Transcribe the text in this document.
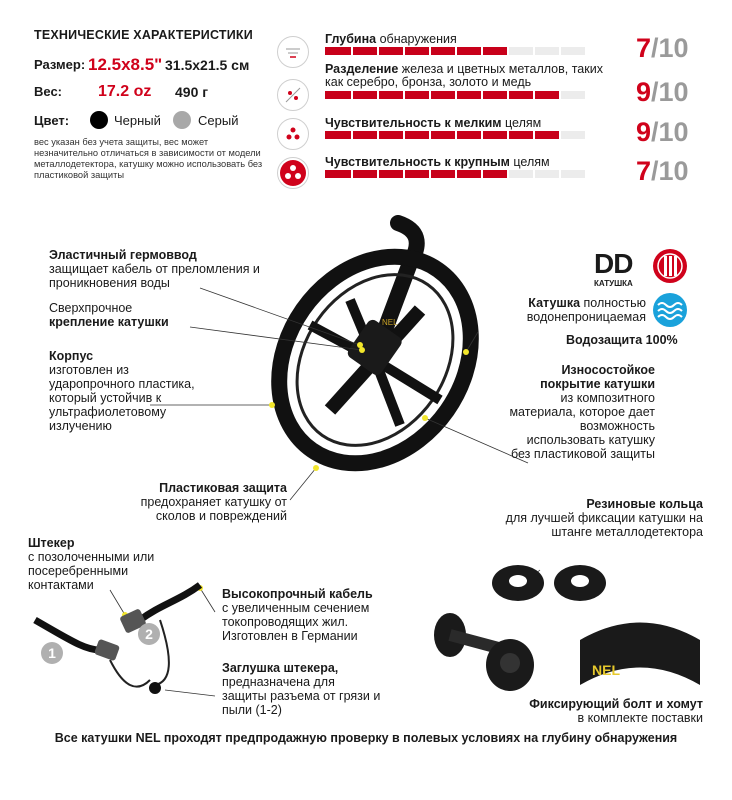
ТЕХНИЧЕСКИЕ ХАРАКТЕРИСТИКИ
Размер: 12.5x8.5" 31.5x21.5 см
Вес: 17.2 oz 490 г
Цвет:	Черный	Серый
вес указан без учета защиты, вес может незначительно отличаться в зависимости от модели металлодетектора, катушку можно использовать без пластиковой защиты
Глубина обнаружения	7/10
Разделение железа и цветных металлов, таких как серебро, бронза, золото и медь	9/10
Чувствительность к мелким целям	9/10
Чувствительность к крупным целям	7/10
DD
КАТУШКА
Водозащита 100%
NEL
Эластичный гермоввод
защищает кабель от преломления и проникновения воды
Сверхпрочное
крепление катушки
Корпус
изготовлен из ударопрочного пластика, который устойчив к ультрафиолетовому излучению
Катушка полностью водонепроницаемая
Износостойкое покрытие катушки
из композитного материала, которое дает возможность использовать катушку без пластиковой защиты
Пластиковая защита
предохраняет катушку от сколов и повреждений
Резиновые кольца
для лучшей фиксации катушки на штанге металлодетектора
Штекер
с позолоченными или посеребренными контактами
1
2
Высокопрочный кабель
с увеличенным сечением токопроводящих жил. Изготовлен в Германии
Заглушка штекера,
предназначена для защиты разъема от грязи и пыли (1-2)
NEL
Фиксирующий болт и хомут
в комплекте поставки
Все катушки NEL проходят предпродажную проверку в полевых условиях на глубину обнаружения
